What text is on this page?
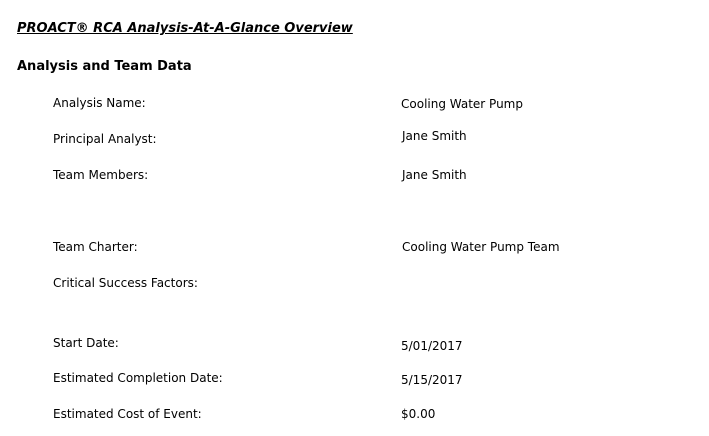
PROACT® RCA Analysis-At-A-Glance Overview
Analysis and Team Data
Analysis Name:	Cooling Water Pump
Principal Analyst:	Jane Smith
Team Members:	Jane Smith
Team Charter:	Cooling Water Pump Team
Critical Success Factors:
Start Date:	5/01/2017
Estimated Completion Date:	5/15/2017
Estimated Cost of Event:	$0.00
